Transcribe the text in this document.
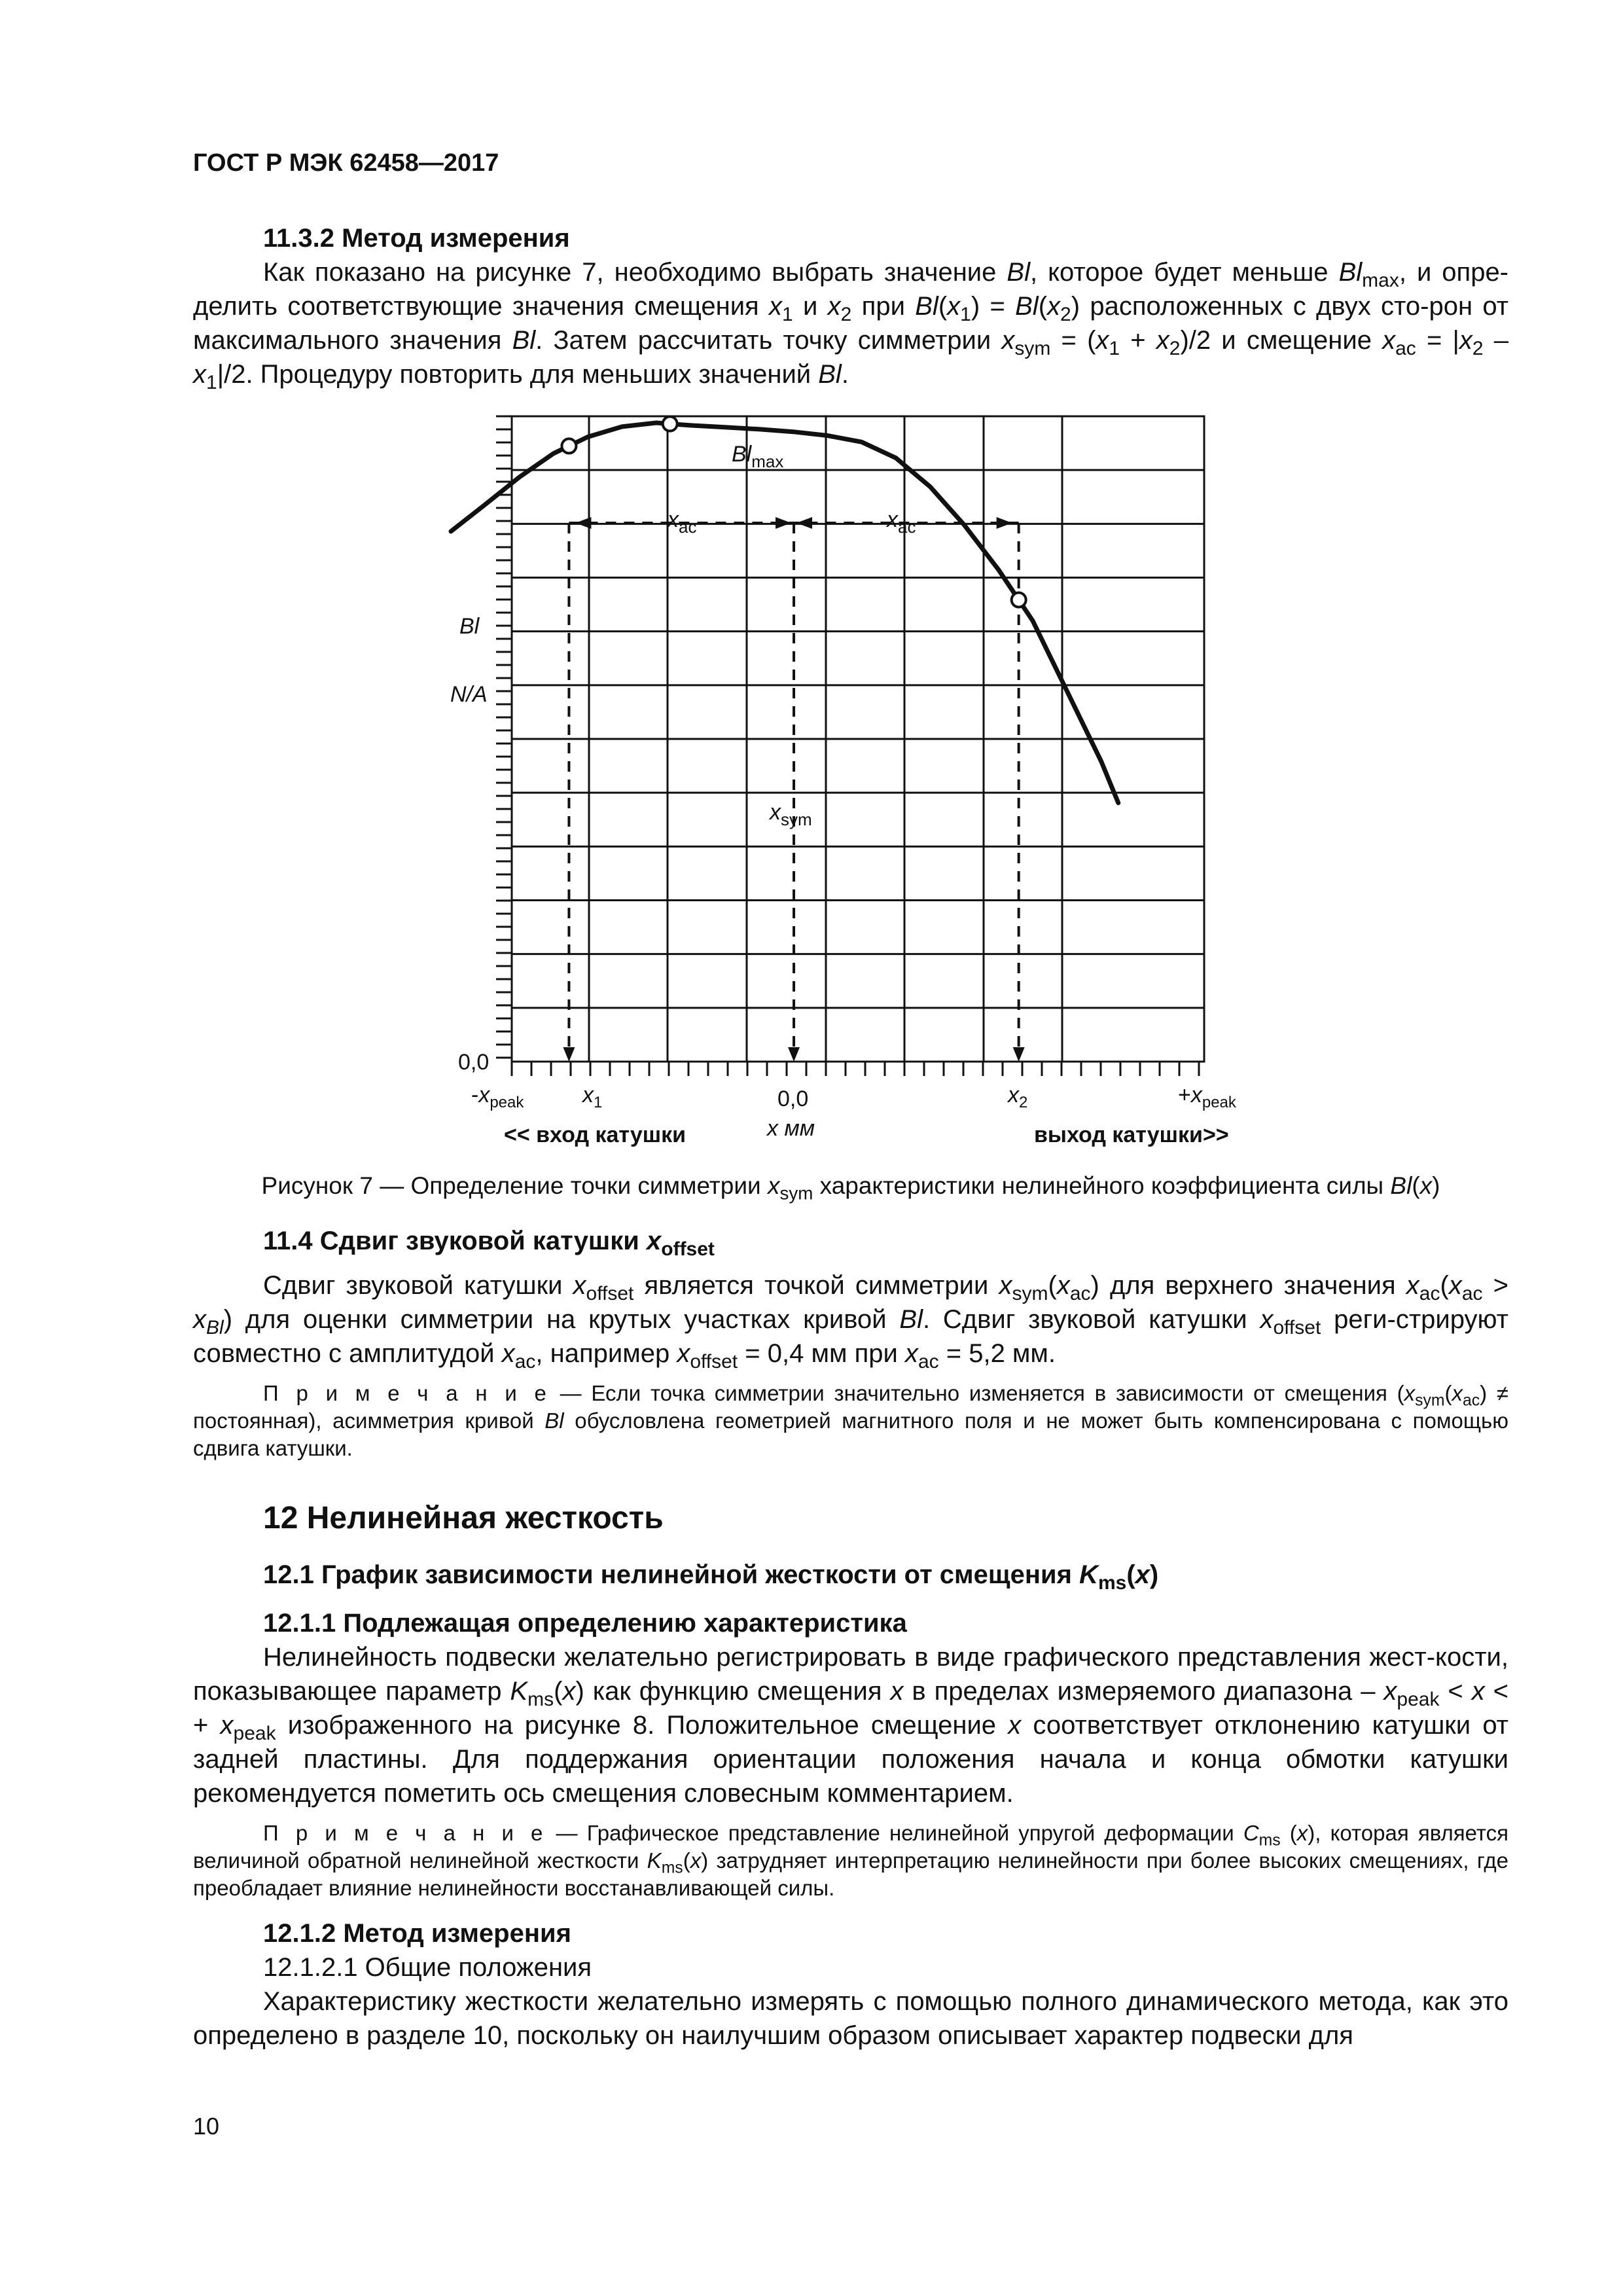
ГОСТ Р МЭК 62458—2017

11.3.2 Метод измерения

Как показано на рисунке 7, необходимо выбрать значение Bl, которое будет меньше $Bl_{max}$, и опре-делить соответствующие значения смещения $x_1$ и $x_2$ при $Bl(x_1) = Bl(x_2)$ расположенных с двух сто-рон от максимального значения Bl. Затем рассчитать точку симметрии $x_{sym} = (x_1 + x_2)/2$ и смещение $x_{ac} = |x_2 - x_1|/2$. Процедуру повторить для меньших значений Bl.

Bl
N/A
0,0
$-x_{peak}$	$x_1$	0,0	$x_2$	$+x_{peak}$
x мм
<< вход катушки	выход катушки>>
$Bl_{max}$
$x_{ac}$	$x_{ac}$
$x_{sym}$

Рисунок 7 — Определение точки симметрии $x_{sym}$ характеристики нелинейного коэффициента силы Bl(x)

11.4 Сдвиг звуковой катушки $x_{offset}$

Сдвиг звуковой катушки $x_{offset}$ является точкой симметрии $x_{sym}(x_{ac})$ для верхнего значения $x_{ac}(x_{ac} > x_{Bl})$ для оценки симметрии на крутых участках кривой Bl. Сдвиг звуковой катушки $x_{offset}$ реги-стрируют совместно с амплитудой $x_{ac}$, например $x_{offset} = 0,4$ мм при $x_{ac} = 5,2$ мм.

П р и м е ч а н и е — Если точка симметрии значительно изменяется в зависимости от смещения ($x_{sym}(x_{ac})$ ≠ постоянная), асимметрия кривой Bl обусловлена геометрией магнитного поля и не может быть компенсирована с помощью сдвига катушки.

12 Нелинейная жесткость

12.1 График зависимости нелинейной жесткости от смещения $K_{ms}(x)$

12.1.1 Подлежащая определению характеристика

Нелинейность подвески желательно регистрировать в виде графического представления жест-кости, показывающее параметр $K_{ms}(x)$ как функцию смещения x в пределах измеряемого диапазона – $x_{peak} < x$ < + $x_{peak}$ изображенного на рисунке 8. Положительное смещение x соответствует отклонению катушки от задней пластины. Для поддержания ориентации положения начала и конца обмотки катушки рекомендуется пометить ось смещения словесным комментарием.

П р и м е ч а н и е — Графическое представление нелинейной упругой деформации $C_{ms}$ (x), которая является величиной обратной нелинейной жесткости $K_{ms}(x)$ затрудняет интерпретацию нелинейности при более высоких смещениях, где преобладает влияние нелинейности восстанавливающей силы.

12.1.2 Метод измерения

12.1.2.1 Общие положения

Характеристику жесткости желательно измерять с помощью полного динамического метода, как это определено в разделе 10, поскольку он наилучшим образом описывает характер подвески для

10
